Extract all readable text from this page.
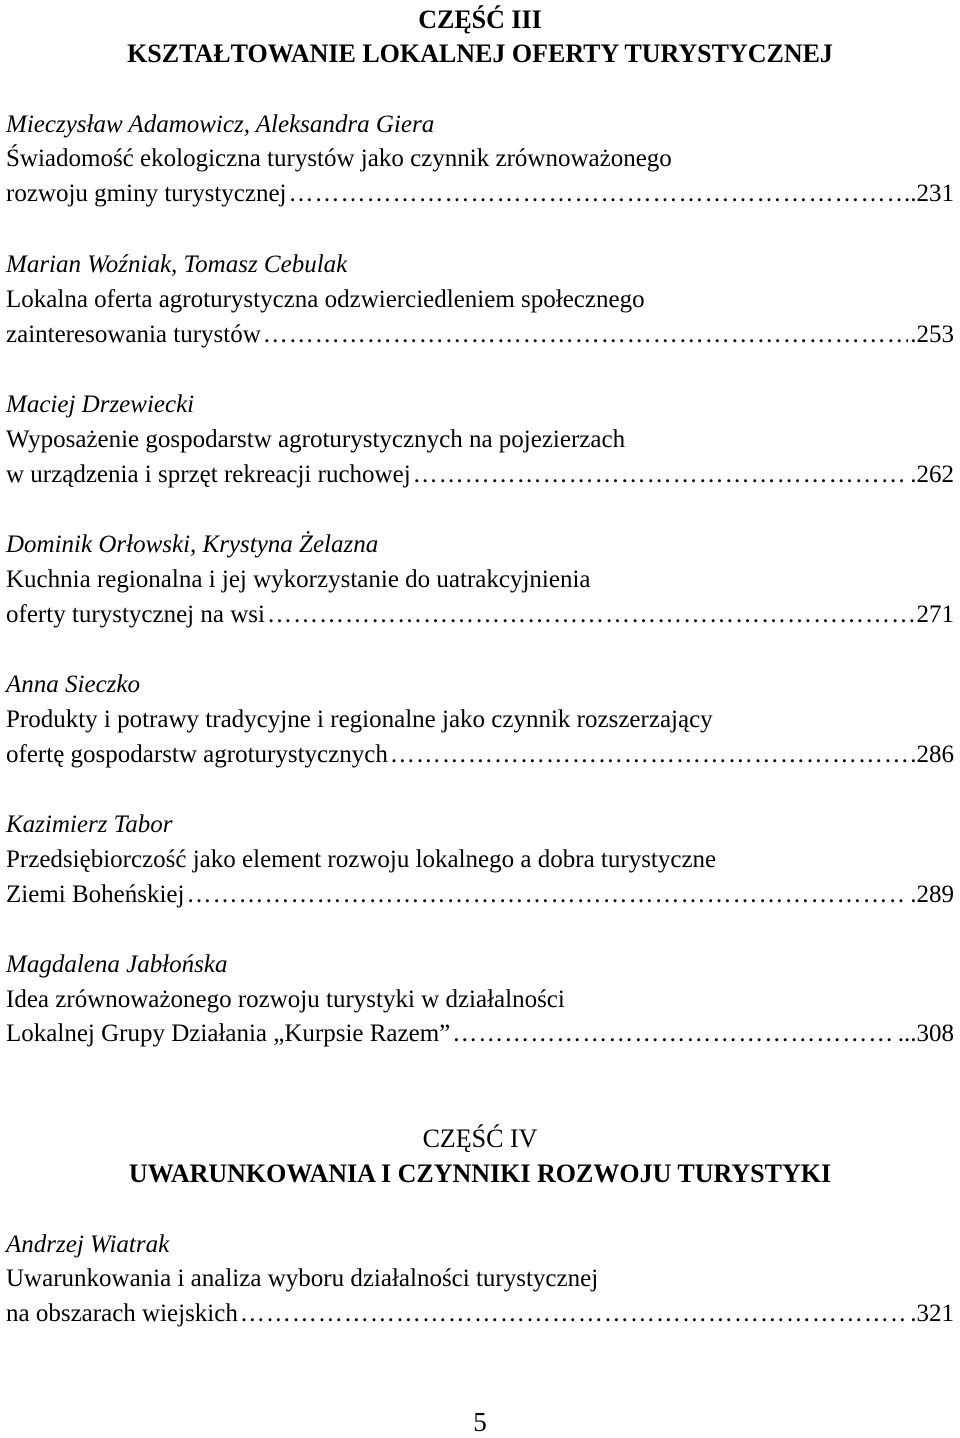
CZĘŚĆ III
KSZTAŁTOWANIE LOKALNEJ OFERTY TURYSTYCZNEJ
Mieczysław Adamowicz, Aleksandra Giera
Świadomość ekologiczna turystów jako czynnik zrównoważonego
rozwoju gminy turystycznej …………………………………………………………………………………………………………………………………………………………………………………………………………	..231
Marian Woźniak, Tomasz Cebulak
Lokalna oferta agroturystyczna odzwierciedleniem społecznego
zainteresowania turystów …………………………………………………………………………………………………………………………………………………………………………………………………………	.253
Maciej Drzewiecki
Wyposażenie gospodarstw agroturystycznych na pojezierzach
w urządzenia i sprzęt rekreacji ruchowej …………………………………………………………………………………………………………………………………………………………………………………………………………	.262
Dominik Orłowski, Krystyna Żelazna
Kuchnia regionalna i jej wykorzystanie do uatrakcyjnienia
oferty turystycznej na wsi …………………………………………………………………………………………………………………………………………………………………………………………………………	271
Anna Sieczko
Produkty i potrawy tradycyjne i regionalne jako czynnik rozszerzający
ofertę gospodarstw agroturystycznych …………………………………………………………………………………………………………………………………………………………………………………………………………	.286
Kazimierz Tabor
Przedsiębiorczość jako element rozwoju lokalnego a dobra turystyczne
Ziemi Boheńskiej …………………………………………………………………………………………………………………………………………………………………………………………………………	.289
Magdalena Jabłońska
Idea zrównoważonego rozwoju turystyki w działalności
Lokalnej Grupy Działania „Kurpsie Razem” …………………………………………………………………………………………………………………………………………………………………………………………………………	...308
CZĘŚĆ IV
UWARUNKOWANIA I CZYNNIKI ROZWOJU TURYSTYKI
Andrzej Wiatrak
Uwarunkowania i analiza wyboru działalności turystycznej
na obszarach wiejskich …………………………………………………………………………………………………………………………………………………………………………………………………………	.321
5
